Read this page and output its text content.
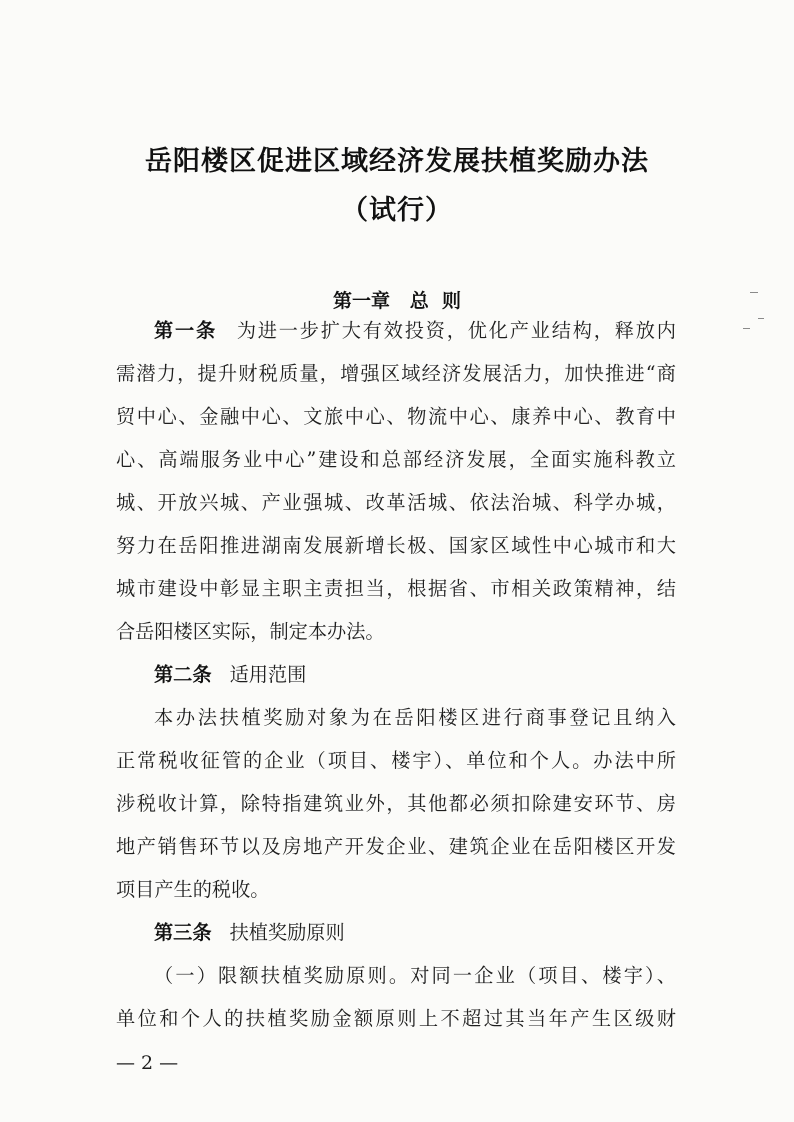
岳阳楼区促进区域经济发展扶植奖励办法
（试行）
第一章   总  则
第一条 为进一步扩大有效投资，优化产业结构，释放内
需潜力，提升财税质量，增强区域经济发展活力，加快推进“商
贸中心、金融中心、文旅中心、物流中心、康养中心、教育中
心、高端服务业中心”建设和总部经济发展，全面实施科教立
城、开放兴城、产业强城、改革活城、依法治城、科学办城，
努力在岳阳推进湖南发展新增长极、国家区域性中心城市和大
城市建设中彰显主职主责担当，根据省、市相关政策精神，结
合岳阳楼区实际，制定本办法。
第二条 适用范围
本办法扶植奖励对象为在岳阳楼区进行商事登记且纳入
正常税收征管的企业（项目、楼宇）、单位和个人。办法中所
涉税收计算，除特指建筑业外，其他都必须扣除建安环节、房
地产销售环节以及房地产开发企业、建筑企业在岳阳楼区开发
项目产生的税收。
第三条 扶植奖励原则
（一）限额扶植奖励原则。对同一企业（项目、楼宇）、
单位和个人的扶植奖励金额原则上不超过其当年产生区级财
— 2 —
